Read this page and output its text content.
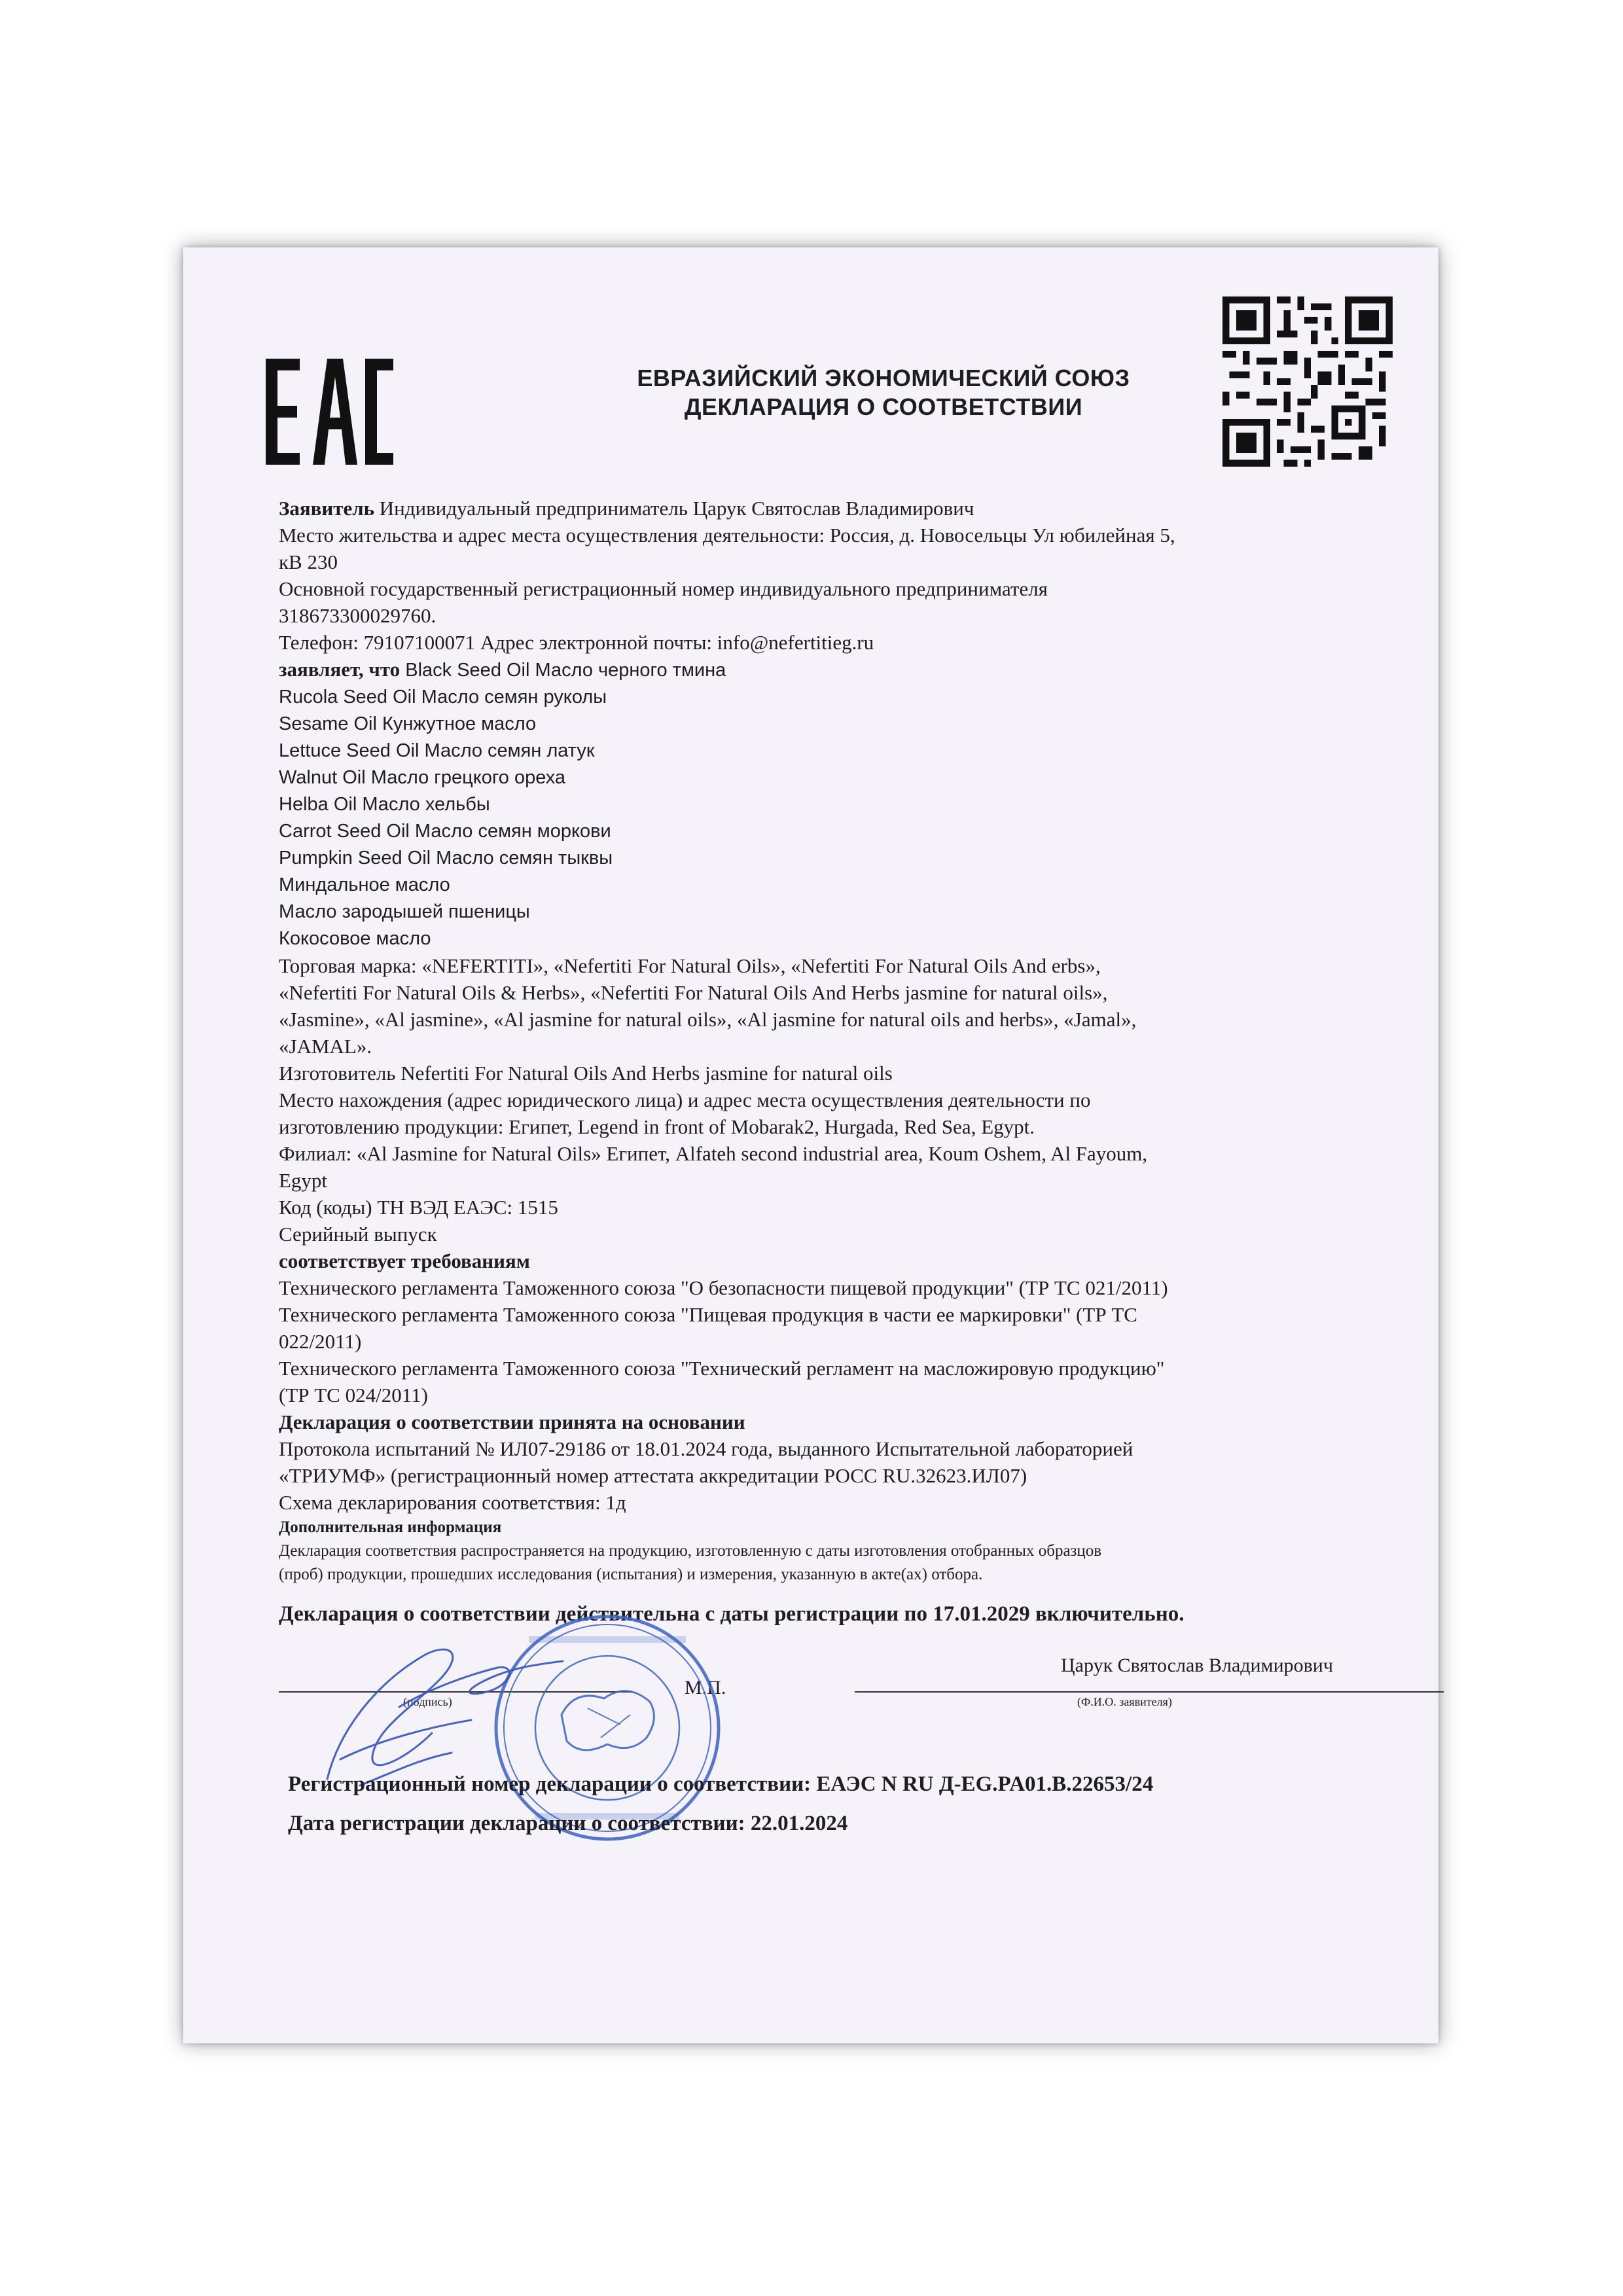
ЕВРАЗИЙСКИЙ ЭКОНОМИЧЕСКИЙ СОЮЗ
ДЕКЛАРАЦИЯ О СООТВЕТСТВИИ
Заявитель Индивидуальный предприниматель Царук Святослав Владимирович
Место жительства и адрес места осуществления деятельности: Россия, д. Новосельцы Ул юбилейная 5,
кВ 230
Основной государственный регистрационный номер индивидуального предпринимателя
318673300029760.
Телефон: 79107100071 Адрес электронной почты: info@nefertitieg.ru
заявляет, что Black Seed Oil Масло черного тмина
Rucola Seed Oil Масло семян руколы
Sesame Oil Кунжутное масло
Lettuce Seed Oil Масло семян латук
Walnut Oil Масло грецкого ореха
Helba Oil Масло хельбы
Carrot Seed Oil Масло семян моркови
Pumpkin Seed Oil Масло семян тыквы
Миндальное масло
Масло зародышей пшеницы
Кокосовое масло
Торговая марка: «NEFERTITI», «Nefertiti For Natural Oils», «Nefertiti For Natural Oils And erbs»,
«Nefertiti For Natural Oils & Herbs», «Nefertiti For Natural Oils And Herbs jasmine for natural oils»,
«Jasmine», «Al jasmine», «Al jasmine for natural oils», «Al jasmine for natural oils and herbs», «Jamal»,
«JAMAL».
Изготовитель Nefertiti For Natural Oils And Herbs jasmine for natural oils
Место нахождения (адрес юридического лица) и адрес места осуществления деятельности по
изготовлению продукции: Египет, Legend in front of Mobarak2, Hurgada, Red Sea, Egypt.
Филиал: «Al Jasmine for Natural Oils» Египет, Alfateh second industrial area, Koum Oshem, Al Fayoum,
Egypt
Код (коды) ТН ВЭД ЕАЭС: 1515
Серийный выпуск
соответствует требованиям
Технического регламента Таможенного союза "О безопасности пищевой продукции" (ТР ТС 021/2011)
Технического регламента Таможенного союза "Пищевая продукция в части ее маркировки" (ТР ТС
022/2011)
Технического регламента Таможенного союза "Технический регламент на масложировую продукцию"
(ТР ТС 024/2011)
Декларация о соответствии принята на основании
Протокола испытаний № ИЛ07-29186 от 18.01.2024 года, выданного Испытательной лабораторией
«ТРИУМФ» (регистрационный номер аттестата аккредитации РОСС RU.32623.ИЛ07)
Схема декларирования соответствия: 1д
Дополнительная информация
Декларация соответствия распространяется на продукцию, изготовленную с даты изготовления отобранных образцов
(проб) продукции, прошедших исследования (испытания) и измерения, указанную в акте(ах) отбора.
Декларация о соответствии действительна с даты регистрации по 17.01.2029 включительно.
(подпись)
М.П.
Царук Святослав Владимирович
(Ф.И.О. заявителя)
Регистрационный номер декларации о соответствии: ЕАЭС N RU Д-EG.PA01.B.22653/24
Дата регистрации декларации о соответствии: 22.01.2024
